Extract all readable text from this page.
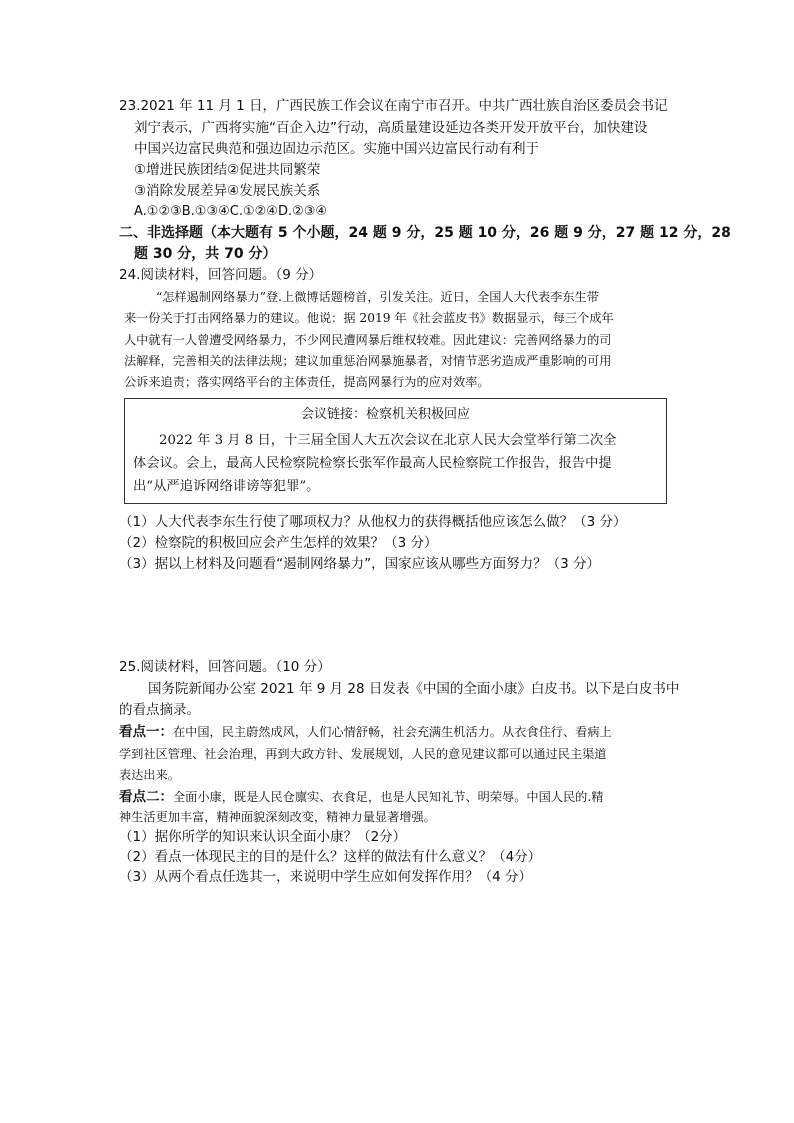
23.2021 年 11 月 1 日，广西民族工作会议在南宁市召开。中共广西壮族自治区委员会书记
刘宁表示，广西将实施“百企入边”行动，高质量建设延边各类开发开放平台，加快建设
中国兴边富民典范和强边固边示范区。实施中国兴边富民行动有利于
①增进民族团结②促进共同繁荣
③消除发展差异④发展民族关系
A.①②③B.①③④C.①②④D.②③④
二、非选择题（本大题有 5 个小题，24 题 9 分，25 题 10 分，26 题 9 分，27 题 12 分，28
题 30 分，共 70 分）
24.阅读材料，回答问题。（9 分）
“怎样遏制网络暴力”登.上微博话题榜首，引发关注。近日，全国人大代表李东生带
来一份关于打击网络暴力的建议。他说：据 2019 年《社会蓝皮书》数据显示，每三个成年
人中就有一人曾遭受网络暴力，不少网民遭网暴后维权较难。因此建议：完善网络暴力的司
法解释，完善相关的法律法规；建议加重惩治网暴施暴者，对情节恶劣造成严重影响的可用
公诉来追责；落实网络平台的主体责任，提高网暴行为的应对效率。
会议链接：检察机关积极回应
2022 年 3 月 8 日，十三届全国人大五次会议在北京人民大会堂举行第二次全
体会议。会上，最高人民检察院检察长张军作最高人民检察院工作报告，报告中提
出“从严追诉网络诽谤等犯罪”。
（1）人大代表李东生行使了哪项权力？从他权力的获得概括他应该怎么做？（3 分）
（2）检察院的积极回应会产生怎样的效果？（3 分）
（3）据以上材料及问题看“遏制网络暴力”，国家应该从哪些方面努力？（3 分）
25.阅读材料，回答问题。（10 分）
国务院新闻办公室 2021 年 9 月 28 日发表《中国的全面小康》白皮书。以下是白皮书中
的看点摘录。
看点一：在中国，民主蔚然成风，人们心情舒畅，社会充满生机活力。从衣食住行、看病上
学到社区管理、社会治理，再到大政方针、发展规划，人民的意见建议都可以通过民主渠道
表达出来。
看点二：全面小康，既是人民仓廪实、衣食足，也是人民知礼节、明荣辱。中国人民的.精
神生活更加丰富，精神面貌深刻改变，精神力量显著增强。
（1）据你所学的知识来认识全面小康？（2分）
（2）看点一体现民主的目的是什么？这样的做法有什么意义？（4分）
（3）从两个看点任选其一，来说明中学生应如何发挥作用？（4 分）
